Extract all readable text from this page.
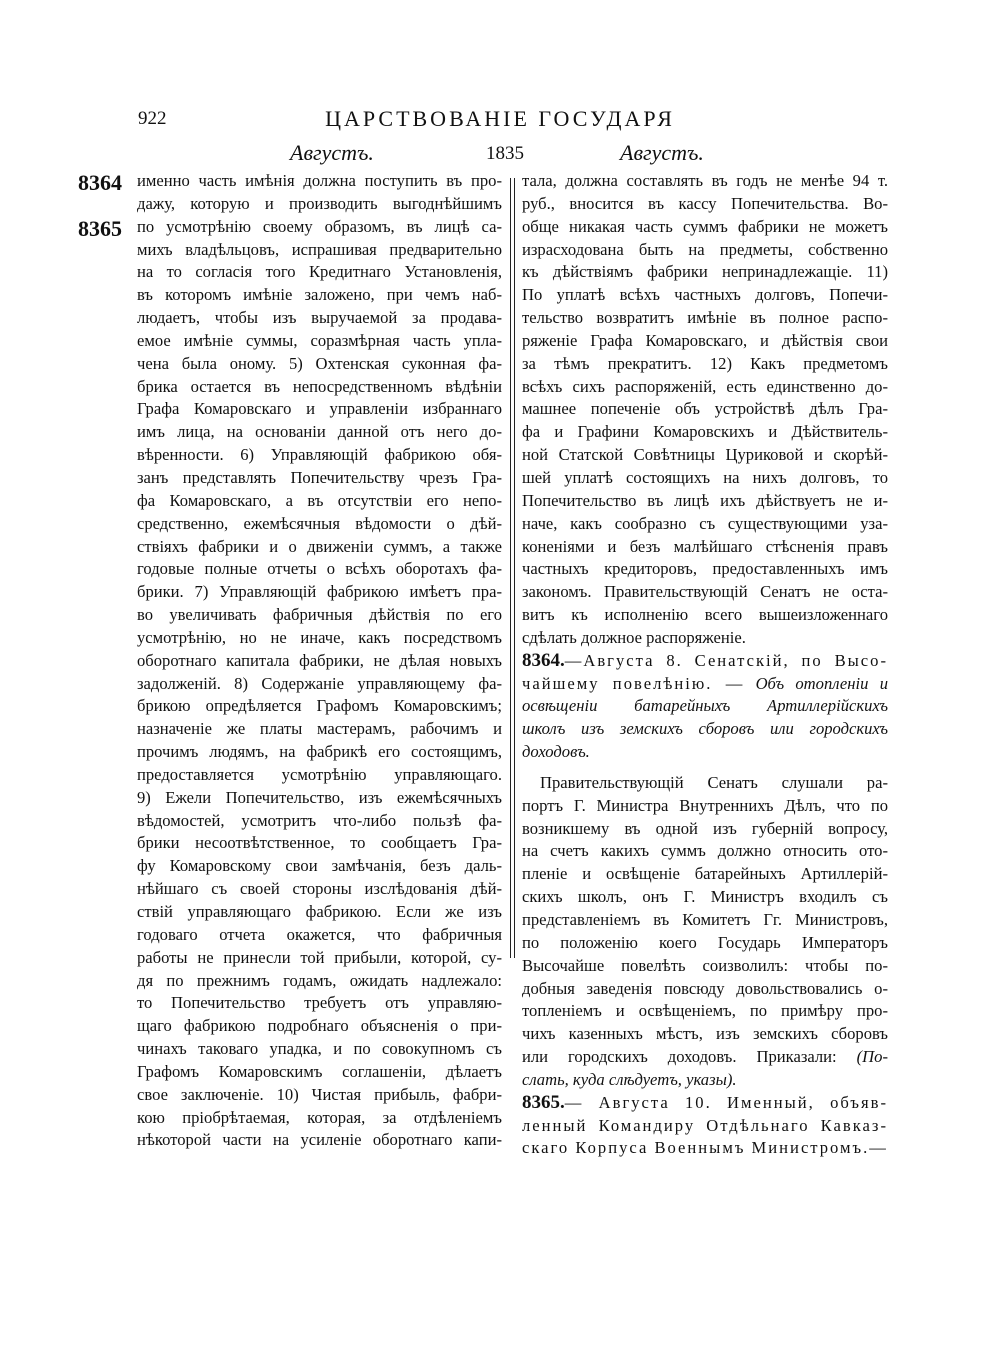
922	ЦАРСТВОВАНІЕ ГОСУДАРЯ
Августъ.	1835	Августъ.
8364
8365
именно часть имѣнія должна поступить въ про-
дажу, которую и производить выгоднѣйшимъ
по усмотрѣнію своему образомъ, въ лицѣ са-
михъ владѣльцовъ, испрашивая предварительно
на то согласія того Кредитнаго Установленія,
въ которомъ имѣніе заложено, при чемъ наб-
людаетъ, чтобы изъ выручаемой за продава-
емое имѣніе суммы, соразмѣрная часть упла-
чена была оному. 5) Охтенская суконная фа-
брика остается въ непосредственномъ вѣдѣніи
Графа Комаровскаго и управленіи избраннаго
имъ лица, на основаніи данной отъ него до-
вѣренности. 6) Управляющій фабрикою обя-
занъ представлять Попечительству чрезъ Гра-
фа Комаровскаго, а въ отсутствіи его непо-
средственно, ежемѣсячныя вѣдомости о дѣй-
ствіяхъ фабрики и о движеніи суммъ, а также
годовые полные отчеты о всѣхъ оборотахъ фа-
брики. 7) Управляющій фабрикою имѣетъ пра-
во увеличивать фабричныя дѣйствія по его
усмотрѣнію, но не иначе, какъ посредствомъ
оборотнаго капитала фабрики, не дѣлая новыхъ
задолженій. 8) Содержаніе управляющему фа-
брикою опредѣляется Графомъ Комаровскимъ;
назначеніе же платы мастерамъ, рабочимъ и
прочимъ людямъ, на фабрикѣ его состоящимъ,
предоставляется усмотрѣнію управляющаго.
9) Ежели Попечительство, изъ ежемѣсячныхъ
вѣдомостей, усмотритъ что-либо пользѣ фа-
брики несоотвѣтственное, то сообщаетъ Гра-
фу Комаровскому свои замѣчанія, безъ даль-
нѣйшаго съ своей стороны изслѣдованія дѣй-
ствій управляющаго фабрикою. Если же изъ
годоваго отчета окажется, что фабричныя
работы не принесли той прибыли, которой, су-
дя по прежнимъ годамъ, ожидать надлежало:
то Попечительство требуетъ отъ управляю-
щаго фабрикою подробнаго объясненія о при-
чинахъ таковаго упадка, и по совокупномъ съ
Графомъ Комаровскимъ соглашеніи, дѣлаетъ
свое заключеніе. 10) Чистая прибыль, фабри-
кою пріобрѣтаемая, которая, за отдѣленіемъ
нѣкоторой части на усиленіе оборотнаго капи-
тала, должна составлять въ годъ не менѣе 94 т.
руб., вносится въ кассу Попечительства. Во-
обще никакая часть суммъ фабрики не можетъ
израсходована быть на предметы, собственно
къ дѣйствіямъ фабрики непринадлежащіе. 11)
По уплатѣ всѣхъ частныхъ долговъ, Попечи-
тельство возвратитъ имѣніе въ полное распо-
ряженіе Графа Комаровскаго, и дѣйствія свои
за тѣмъ прекратитъ. 12) Какъ предметомъ
всѣхъ сихъ распоряженій, есть единственно до-
машнее попеченіе объ устройствѣ дѣлъ Гра-
фа и Графини Комаровскихъ и Дѣйствитель-
ной Статской Совѣтницы Цуриковой и скорѣй-
шей уплатѣ состоящихъ на нихъ долговъ, то
Попечительство въ лицѣ ихъ дѣйствуетъ не и-
наче, какъ сообразно съ существующими уза-
коненіями и безъ малѣйшаго стѣсненія правъ
частныхъ кредиторовъ, предоставленныхъ имъ
закономъ. Правительствующій Сенатъ не оста-
витъ къ исполненію всего вышеизложеннаго
сдѣлать должное распоряженіе.
8364.—Августа 8. Сенатскій, по Высо-
чайшему повелѣнію. — Объ отопленіи и
освѣщеніи батарейныхъ Артиллерійскихъ
школъ изъ земскихъ сборовъ или городскихъ
доходовъ.
Правительствующій Сенатъ слушали ра-
портъ Г. Министра Внутреннихъ Дѣлъ, что по
возникшему въ одной изъ губерній вопросу,
на счетъ какихъ суммъ должно относить ото-
пленіе и освѣщеніе батарейныхъ Артиллерій-
скихъ школъ, онъ Г. Министръ входилъ съ
представленіемъ въ Комитетъ Гг. Министровъ,
по положенію коего Государь Императоръ
Высочайше повелѣть соизволилъ: чтобы по-
добныя заведенія повсюду довольствовались о-
топленіемъ и освѣщеніемъ, по примѣру про-
чихъ казенныхъ мѣстъ, изъ земскихъ сборовъ
или городскихъ доходовъ. Приказали: (По-
слать, куда слѣдуетъ, указы).
8365.— Августа 10. Именный, объяв-
ленный Командиру Отдѣльнаго Кавказ-
скаго Корпуса Военнымъ Министромъ.—
